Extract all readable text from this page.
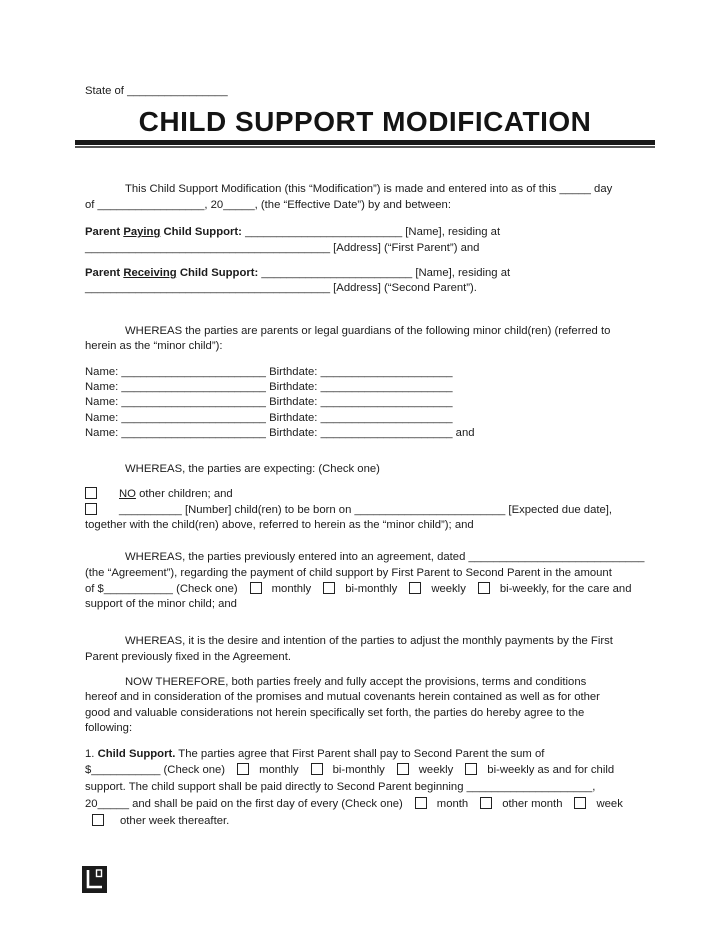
State of ________________
CHILD SUPPORT MODIFICATION
This Child Support Modification (this “Modification”) is made and entered into as of this _____ day
of _________________, 20_____, (the “Effective Date”) by and between:
Parent Paying Child Support: _________________________ [Name], residing at
_______________________________________ [Address] (“First Parent”) and
Parent Receiving Child Support: ________________________ [Name], residing at
_______________________________________ [Address] (“Second Parent”).
WHEREAS the parties are parents or legal guardians of the following minor child(ren) (referred to
herein as the “minor child”):
Name: _______________________ Birthdate: _____________________
Name: _______________________ Birthdate: _____________________
Name: _______________________ Birthdate: _____________________
Name: _______________________ Birthdate: _____________________
Name: _______________________ Birthdate: _____________________ and
WHEREAS, the parties are expecting: (Check one)
NO other children; and
__________ [Number] child(ren) to be born on ________________________ [Expected due date],
together with the child(ren) above, referred to herein as the “minor child”); and
WHEREAS, the parties previously entered into an agreement, dated ____________________________
(the “Agreement”), regarding the payment of child support by First Parent to Second Parent in the amount
of $___________ (Check one)	monthly	bi-monthly	weekly	bi-weekly, for the care and
support of the minor child; and
WHEREAS, it is the desire and intention of the parties to adjust the monthly payments by the First
Parent previously fixed in the Agreement.
NOW THEREFORE, both parties freely and fully accept the provisions, terms and conditions
hereof and in consideration of the promises and mutual covenants herein contained as well as for other
good and valuable considerations not herein specifically set forth, the parties do hereby agree to the
following:
1. Child Support. The parties agree that First Parent shall pay to Second Parent the sum of
$___________ (Check one)	monthly	bi-monthly	weekly	bi-weekly as and for child
support. The child support shall be paid directly to Second Parent beginning ____________________,
20_____ and shall be paid on the first day of every (Check one)	month	other month	week
other week thereafter.
